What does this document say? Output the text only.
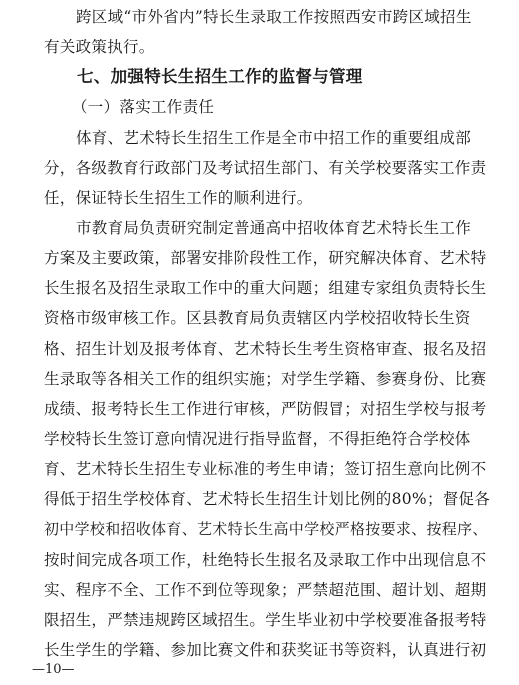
跨区域“市外省内”特长生录取工作按照西安市跨区域招生
有关政策执行。
七、加强特长生招生工作的监督与管理
（一）落实工作责任
体育、艺术特长生招生工作是全市中招工作的重要组成部
分，各级教育行政部门及考试招生部门、有关学校要落实工作责
任，保证特长生招生工作的顺利进行。
市教育局负责研究制定普通高中招收体育艺术特长生工作
方案及主要政策，部署安排阶段性工作，研究解决体育、艺术特
长生报名及招生录取工作中的重大问题；组建专家组负责特长生
资格市级审核工作。区县教育局负责辖区内学校招收特长生资
格、招生计划及报考体育、艺术特长生考生资格审查、报名及招
生录取等各相关工作的组织实施；对学生学籍、参赛身份、比赛
成绩、报考特长生工作进行审核，严防假冒；对招生学校与报考
学校特长生签订意向情况进行指导监督，不得拒绝符合学校体
育、艺术特长生招生专业标准的考生申请；签订招生意向比例不
得低于招生学校体育、艺术特长生招生计划比例的80%；督促各
初中学校和招收体育、艺术特长生高中学校严格按要求、按程序、
按时间完成各项工作，杜绝特长生报名及录取工作中出现信息不
实、程序不全、工作不到位等现象；严禁超范围、超计划、超期
限招生，严禁违规跨区域招生。学生毕业初中学校要准备报考特
长生学生的学籍、参加比赛文件和获奖证书等资料，认真进行初
—10—
